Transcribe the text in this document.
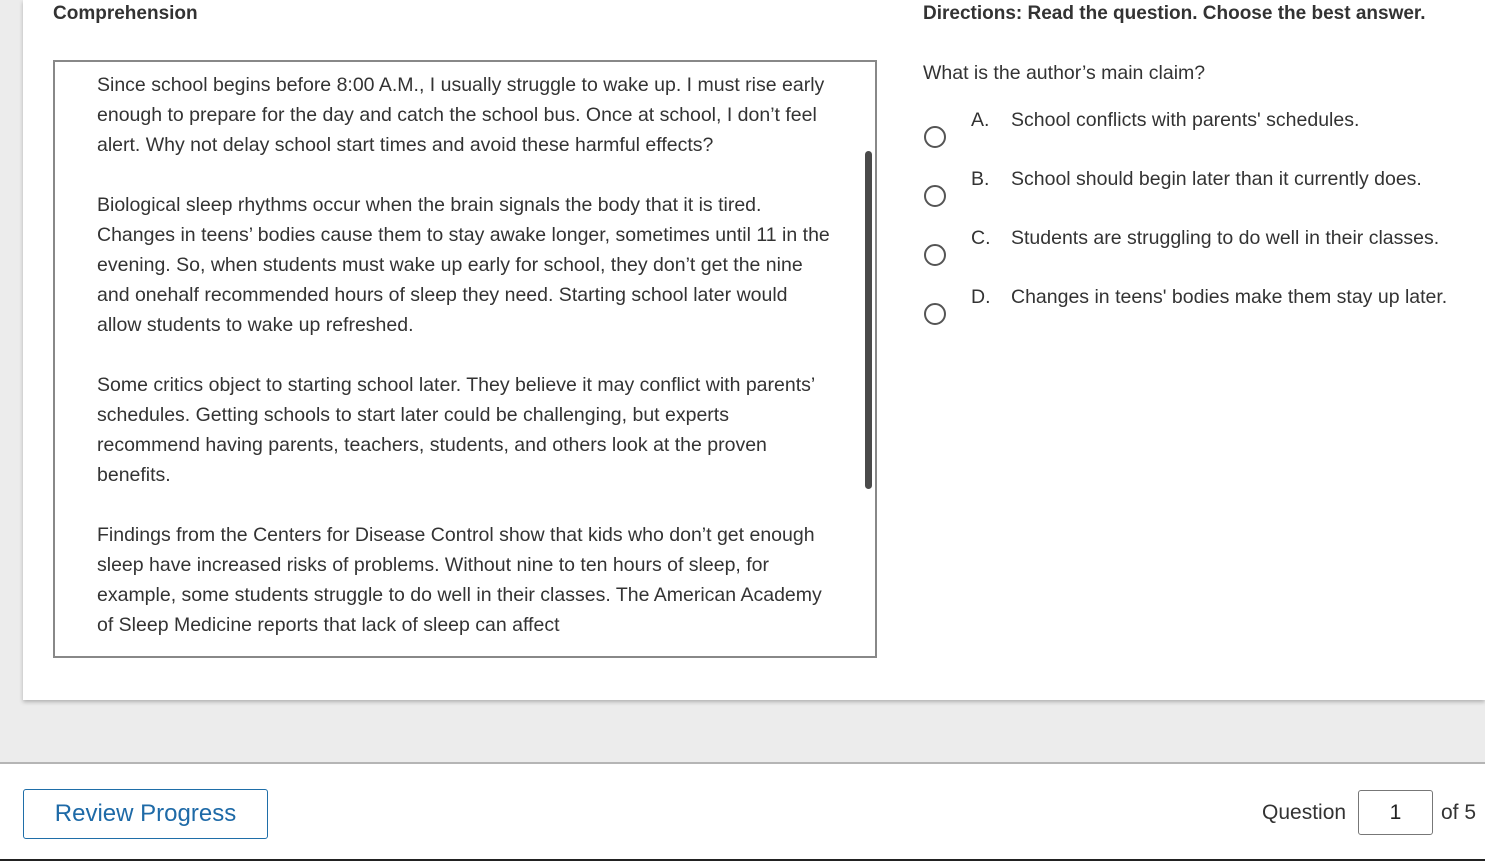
Comprehension	Directions: Read the question. Choose the best answer.

Since school begins before 8:00 A.M., I usually struggle to wake up. I must rise early enough to prepare for the day and catch the school bus. Once at school, I don’t feel alert. Why not delay school start times and avoid these harmful effects?

Biological sleep rhythms occur when the brain signals the body that it is tired. Changes in teens’ bodies cause them to stay awake longer, sometimes until 11 in the evening. So, when students must wake up early for school, they don’t get the nine and onehalf recommended hours of sleep they need. Starting school later would allow students to wake up refreshed.

Some critics object to starting school later. They believe it may conflict with parents’ schedules. Getting schools to start later could be challenging, but experts recommend having parents, teachers, students, and others look at the proven benefits.

Findings from the Centers for Disease Control show that kids who don’t get enough sleep have increased risks of problems. Without nine to ten hours of sleep, for example, some students struggle to do well in their classes. The American Academy of Sleep Medicine reports that lack of sleep can affect

What is the author’s main claim?
A. School conflicts with parents' schedules.
B. School should begin later than it currently does.
C. Students are struggling to do well in their classes.
D. Changes in teens' bodies make them stay up later.
Review Progress	Question
1	of 5
